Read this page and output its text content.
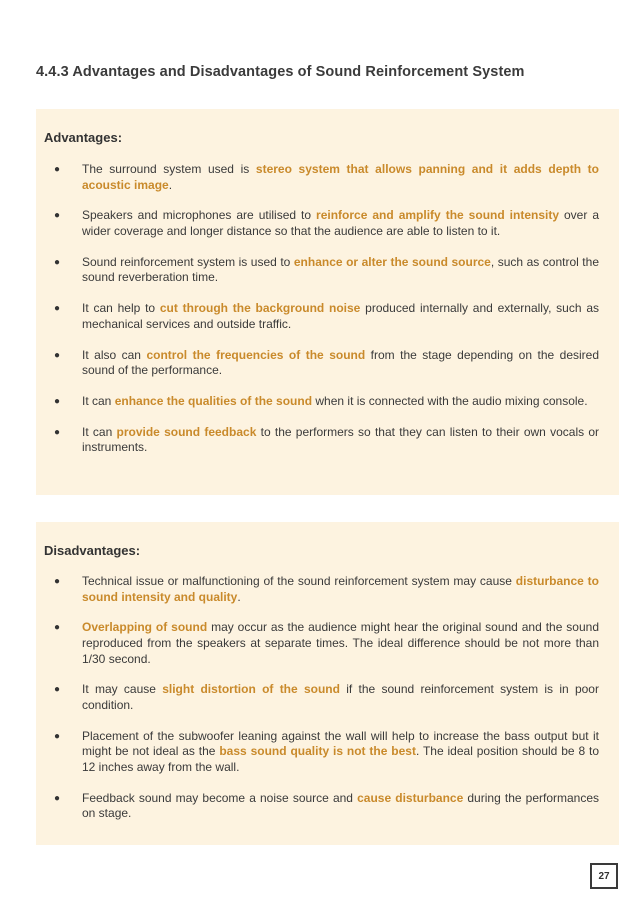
4.4.3 Advantages and Disadvantages of Sound Reinforcement System
Advantages:
● The surround system used is stereo system that allows panning and it adds depth to acoustic image.
● Speakers and microphones are utilised to reinforce and amplify the sound intensity over a wider coverage and longer distance so that the audience are able to listen to it.
● Sound reinforcement system is used to enhance or alter the sound source, such as control the sound reverberation time.
● It can help to cut through the background noise produced internally and externally, such as mechanical services and outside traffic.
● It also can control the frequencies of the sound from the stage depending on the desired sound of the performance.
● It can enhance the qualities of the sound when it is connected with the audio mixing console.
● It can provide sound feedback to the performers so that they can listen to their own vocals or instruments.
Disadvantages:
● Technical issue or malfunctioning of the sound reinforcement system may cause disturbance to sound intensity and quality.
● Overlapping of sound may occur as the audience might hear the original sound and the sound reproduced from the speakers at separate times. The ideal difference should be not more than 1/30 second.
● It may cause slight distortion of the sound if the sound reinforcement system is in poor condition.
● Placement of the subwoofer leaning against the wall will help to increase the bass output but it might be not ideal as the bass sound quality is not the best. The ideal position should be 8 to 12 inches away from the wall.
● Feedback sound may become a noise source and cause disturbance during the performances on stage.
27
